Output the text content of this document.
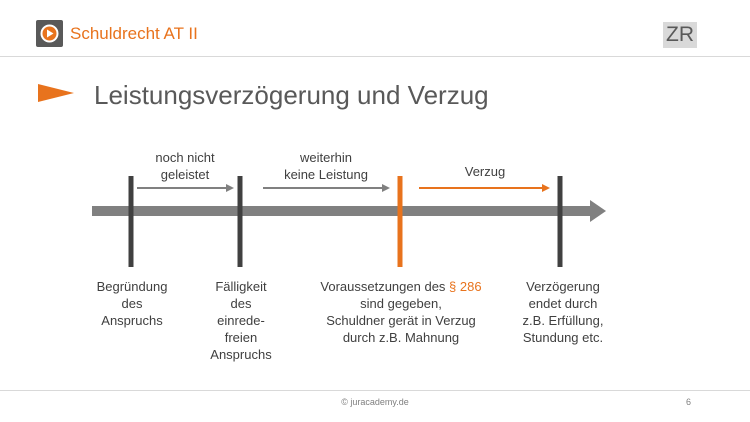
Schuldrecht AT II	ZR
Leistungsverzögerung und Verzug
noch nicht
geleistet
weiterhin
keine Leistung	Verzug
Begründung
des
Anspruchs
Fälligkeit
des
einrede-
freien
Anspruchs
Voraussetzungen des § 286
sind gegeben,
Schuldner gerät in Verzug
durch z.B. Mahnung
Verzögerung
endet durch
z.B. Erfüllung,
Stundung etc.
© juracademy.de	6
